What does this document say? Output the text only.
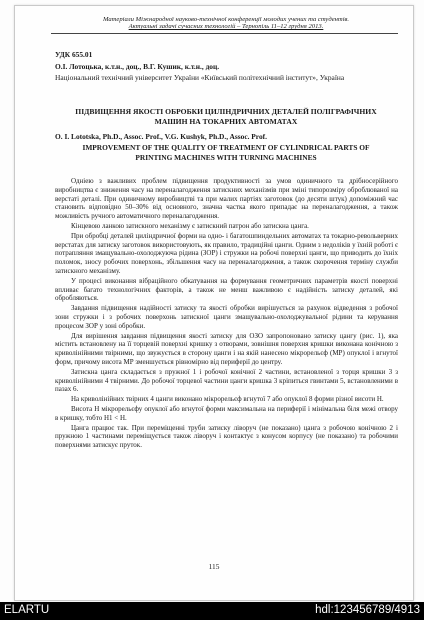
Матеріали Міжнародної науково-технічної конференції молодих учених та студентів.
Актуальні задачі сучасних технологій – Тернопіль 11–12 грудня 2013.
УДК 655.01
О.І. Лотоцька, к.т.н., доц., В.Г. Кушик, к.т.н., доц.
Національний технічний університет України «Київський політехнічний інститут», Україна
ПІДВИЩЕННЯ ЯКОСТІ ОБРОБКИ ЦИЛІНДРИЧНИХ ДЕТАЛЕЙ ПОЛІГРАФІЧНИХ МАШИН НА ТОКАРНИХ АВТОМАТАХ
O. I. Lototska, Ph.D., Assoc. Prof., V.G. Kushyk, Ph.D., Assoc. Prof.
IMPROVEMENT OF THE QUALITY OF TREATMENT OF CYLINDRICAL PARTS OF PRINTING MACHINES WITH TURNING MACHINES

Одніею з важливих проблем підвищення продуктивності за умов одиничного та дрібносерійного виробництва є зниження часу на переналагодження затискних механізмів при зміні типорозміру оброблюваної на верстаті деталі. При одиничному виробництві та при малих партіях заготовок (до десяти штук) допоміжний час становить відповідно 50–30% від основного, значна частка якого припадає на переналагодження, а також можливість ручного автоматичного переналагодження.

Кінцевою ланкою затискного механізму є затискний патрон або затискна цанга.

При обробці деталей циліндричної форми на одно- і багатошпиндельних автоматах та токарно-револьверних верстатах для затиску заготовок використовують, як правило, традиційні цанги. Одним з недоліків у їхній роботі є потрапляння змащувально-охолоджуюча рідина (ЗОР) і стружки на робочі поверхні цанги, що приводить до їхніх поломок, зносу робочих поверхонь, збільшення часу на переналагодження, а також скорочення терміну служби затискного механізму.

У процесі виконання вібраційного обкатування на формування геометричних параметрів якості поверхні впливає багато технологічних факторів, а також не менш важливою є надійність затиску деталей, які обробляються.

Завдання підвищення надійності затиску та якості обробки вирішується за рахунок відведення з робочої зони стружки і з робочих поверхонь затискної цанги змащувально-охолоджувальної рідини та керування процесом ЗОР у зоні обробки.

Для вирішення завдання підвищення якості затиску для ОЗО запропоновано затиску цангу (рис. 1), яка містить встановлену на її торцевій поверхні кришку з отворами, зовнішня поверхня кришки виконана конічною з криволінійними твірними, що звужується в сторону цанги і на якій нанесено мікрорельєф (МР) опуклої і вгнутої форм, причому висота МР зменшується рівномірно від периферії до центру.

Затискна цанга складається з пружної 1 і робочої конічної 2 частини, встановленої з торця кришки 3 з криволінійними 4 твірними. До робочої торцевої частини цанги кришка 3 кріпиться гвинтами 5, встановленими в пазах 6.

На криволінійних твірних 4 цанги виконано мікрорельєф вгнутої 7 або опуклої 8 форми різної висоти H.

Висота H мікрорельєфу опуклої або вгнутої форми максимальна на периферії і мінімальна біля межі отвору в кришку, тобто H1 < H.

Цанга працює так. При переміщенні труби затиску ліворуч (не показано) цанга з робочою конічною 2 і пружною 1 частинами переміщується також ліворуч і контактує з конусом корпусу (не показано) та робочими поверхнями затискує пруток.

115
ELARTU	hdl:123456789/4913
